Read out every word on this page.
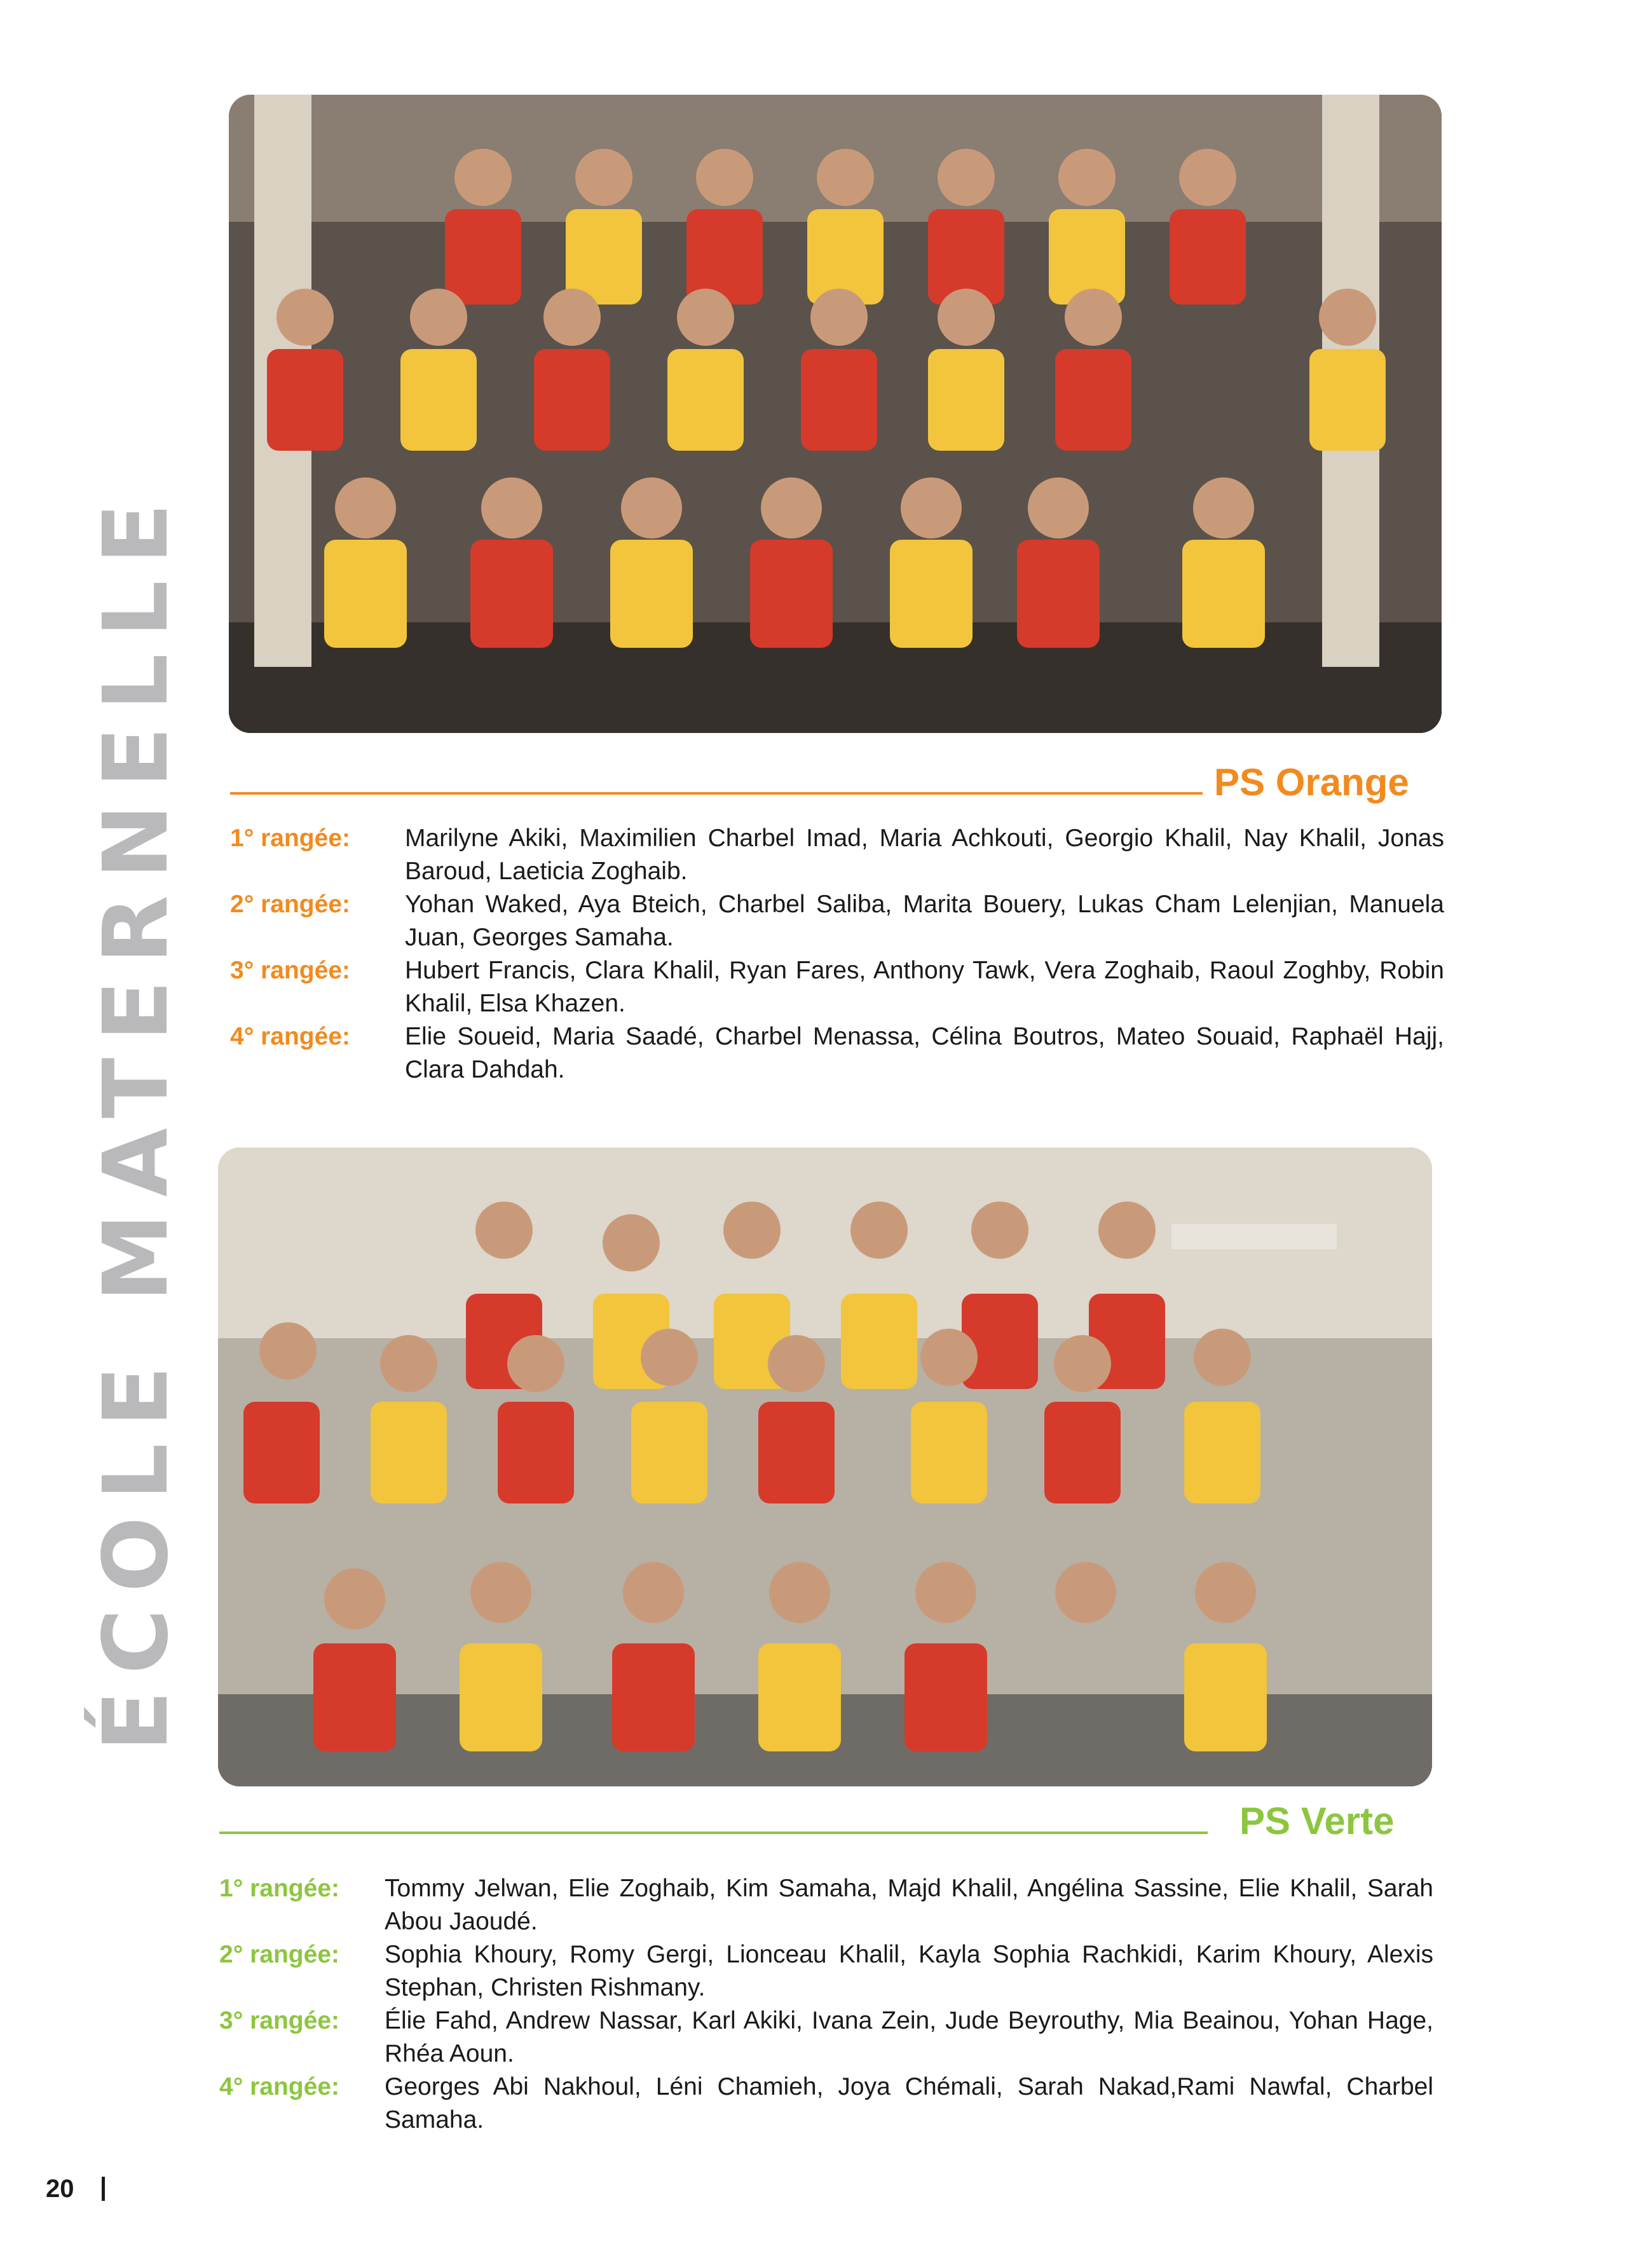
ÉCOLE MATERNELLE	PS Orange
1° rangée:	Marilyne Akiki, Maximilien Charbel Imad, Maria Achkouti, Georgio Khalil, Nay Khalil, Jonas Baroud, Laeticia Zoghaib.
2° rangée:	Yohan Waked, Aya Bteich, Charbel Saliba, Marita Bouery, Lukas Cham Lelenjian, Manuela Juan, Georges Samaha.
3° rangée:	Hubert Francis, Clara Khalil, Ryan Fares, Anthony Tawk, Vera Zoghaib, Raoul Zoghby, Robin Khalil, Elsa Khazen.
4° rangée:	Elie Soueid, Maria Saadé, Charbel Menassa, Célina Boutros, Mateo Souaid, Raphaël Hajj, Clara Dahdah.
PS Verte
1° rangée:	Tommy Jelwan, Elie Zoghaib, Kim Samaha, Majd Khalil, Angélina Sassine, Elie Khalil, Sarah Abou Jaoudé.
2° rangée:	Sophia Khoury, Romy Gergi, Lionceau Khalil, Kayla Sophia Rachkidi, Karim Khoury, Alexis Stephan, Christen Rishmany.
3° rangée:	Élie Fahd, Andrew Nassar, Karl Akiki, Ivana Zein, Jude Beyrouthy, Mia Beainou, Yohan Hage, Rhéa Aoun.
4° rangée:	Georges Abi Nakhoul, Léni Chamieh, Joya Chémali, Sarah Nakad,Rami Nawfal, Charbel Samaha.
20
